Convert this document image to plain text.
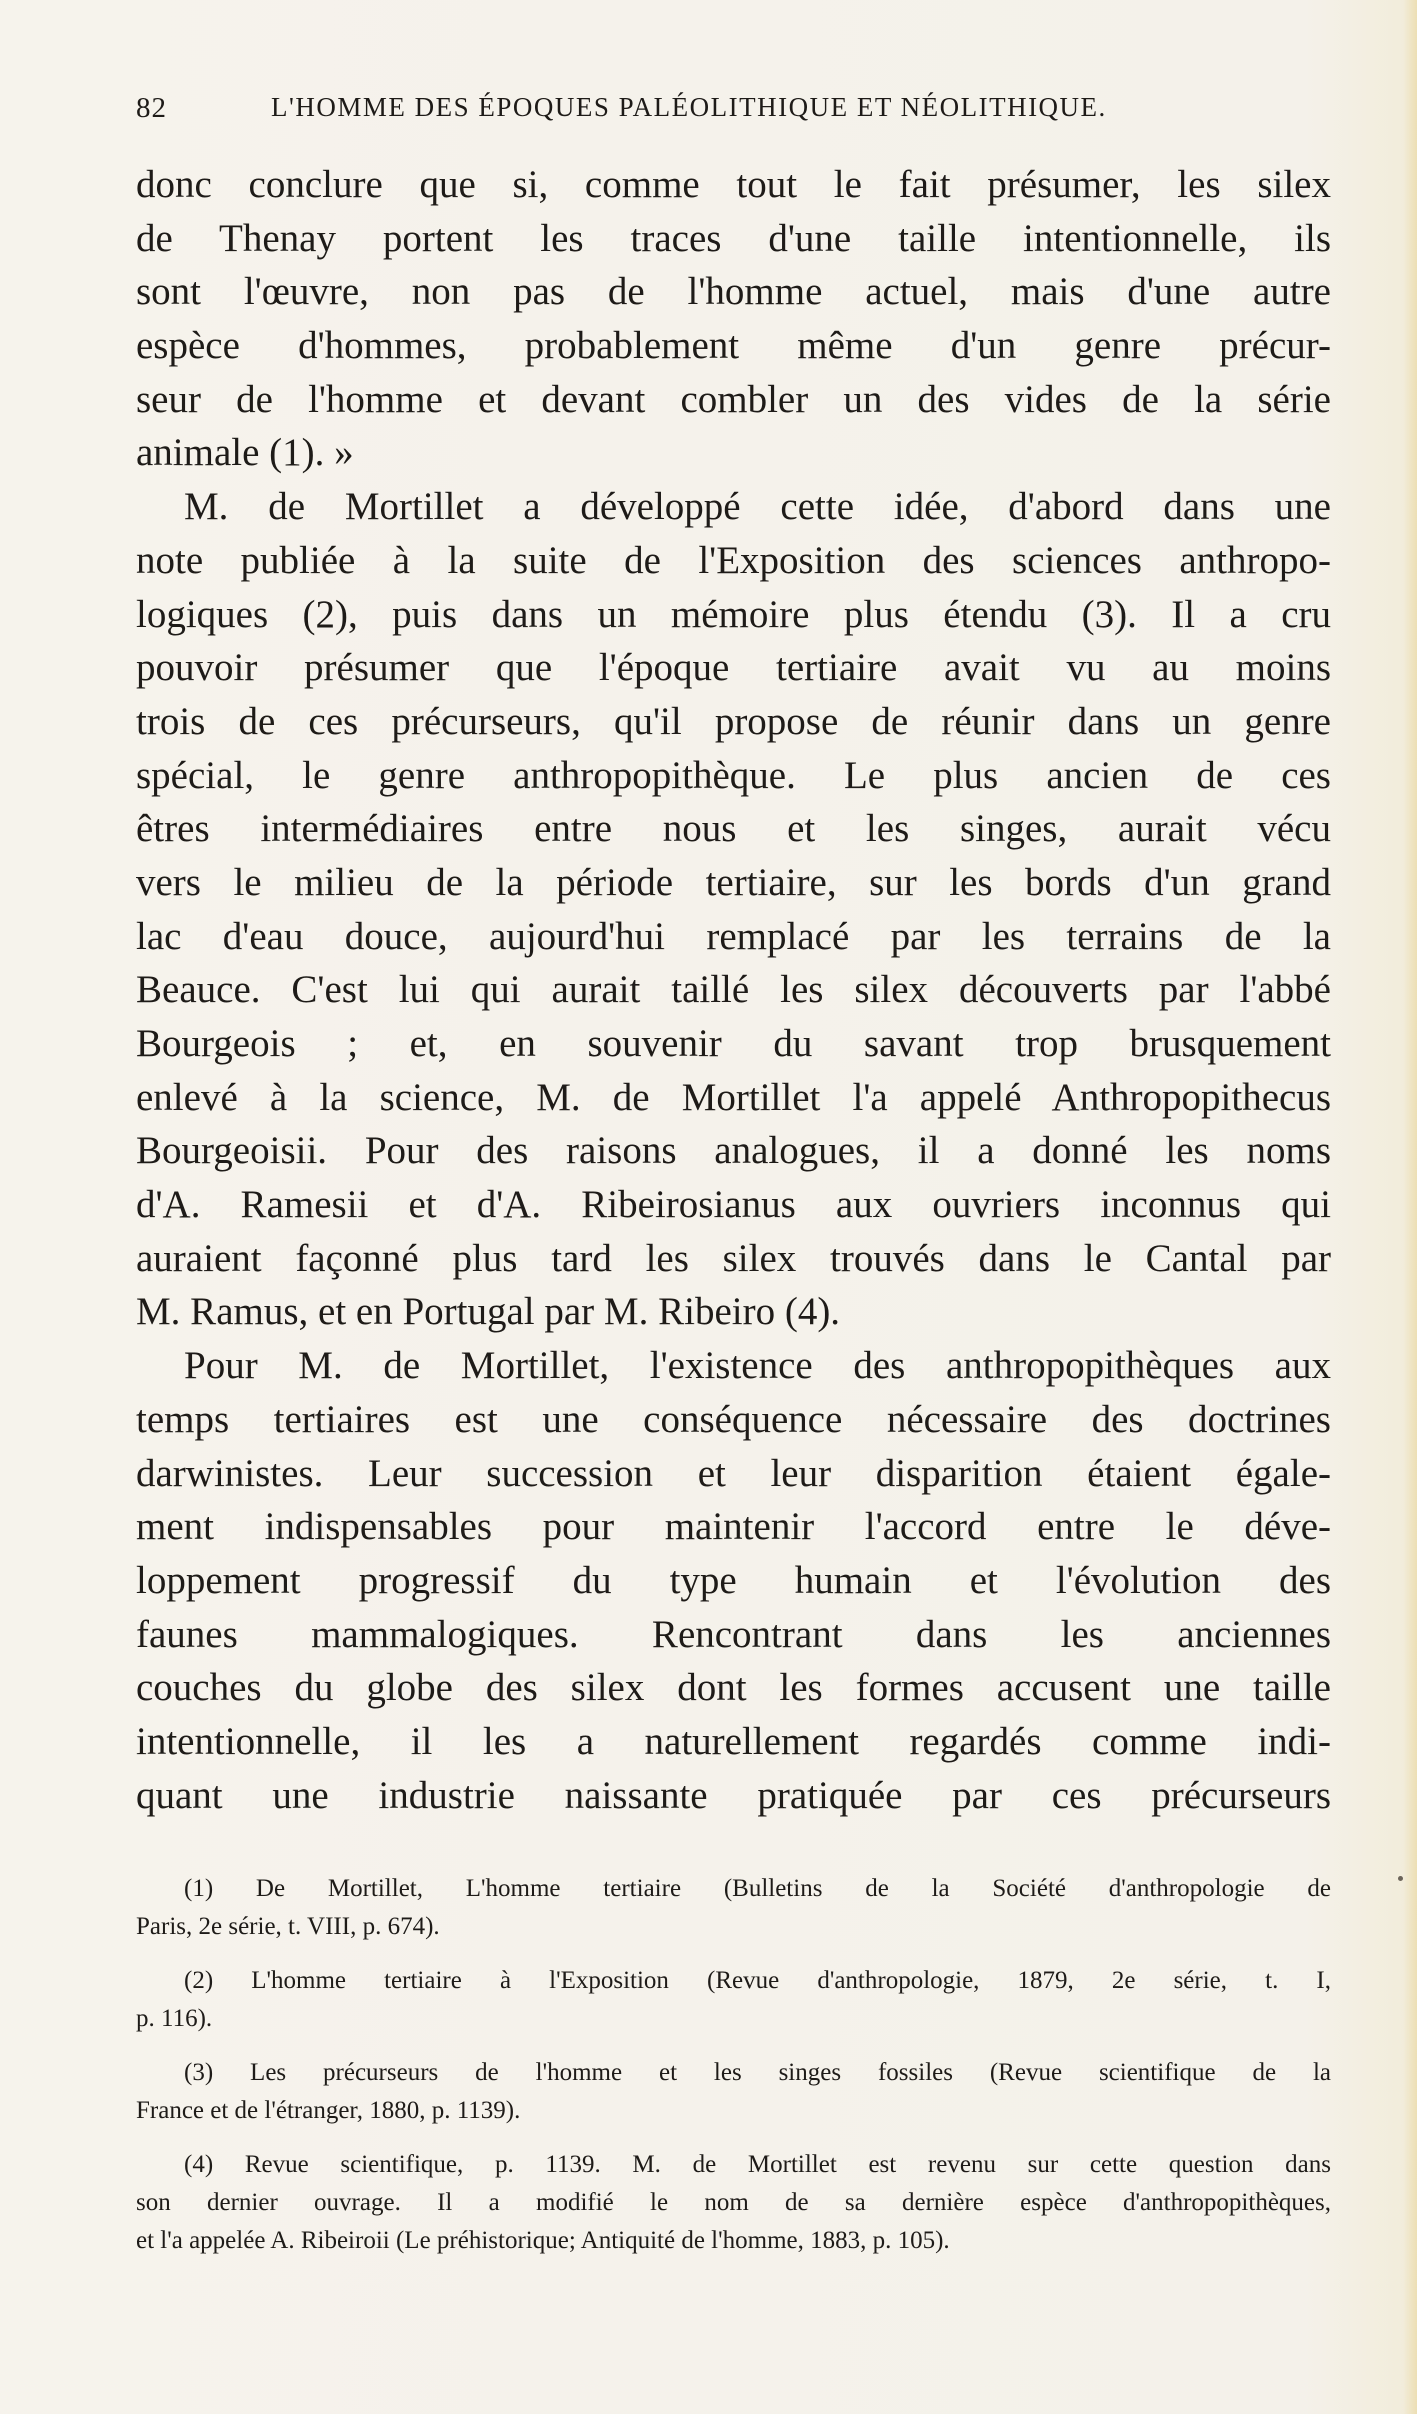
82	L'HOMME DES ÉPOQUES PALÉOLITHIQUE ET NÉOLITHIQUE.
donc conclure que si, comme tout le fait présumer, les silex
de Thenay portent les traces d'une taille intentionnelle, ils
sont l'œuvre, non pas de l'homme actuel, mais d'une autre
espèce d'hommes, probablement même d'un genre précur-
seur de l'homme et devant combler un des vides de la série
animale (1). »
M. de Mortillet a développé cette idée, d'abord dans une
note publiée à la suite de l'Exposition des sciences anthropo-
logiques (2), puis dans un mémoire plus étendu (3). Il a cru
pouvoir présumer que l'époque tertiaire avait vu au moins
trois de ces précurseurs, qu'il propose de réunir dans un genre
spécial, le genre anthropopithèque. Le plus ancien de ces
êtres intermédiaires entre nous et les singes, aurait vécu
vers le milieu de la période tertiaire, sur les bords d'un grand
lac d'eau douce, aujourd'hui remplacé par les terrains de la
Beauce. C'est lui qui aurait taillé les silex découverts par l'abbé
Bourgeois ; et, en souvenir du savant trop brusquement
enlevé à la science, M. de Mortillet l'a appelé Anthropopithecus
Bourgeoisii. Pour des raisons analogues, il a donné les noms
d'A. Ramesii et d'A. Ribeirosianus aux ouvriers inconnus qui
auraient façonné plus tard les silex trouvés dans le Cantal par
M. Ramus, et en Portugal par M. Ribeiro (4).
Pour M. de Mortillet, l'existence des anthropopithèques aux
temps tertiaires est une conséquence nécessaire des doctrines
darwinistes. Leur succession et leur disparition étaient égale-
ment indispensables pour maintenir l'accord entre le déve-
loppement progressif du type humain et l'évolution des
faunes mammalogiques. Rencontrant dans les anciennes
couches du globe des silex dont les formes accusent une taille
intentionnelle, il les a naturellement regardés comme indi-
quant une industrie naissante pratiquée par ces précurseurs
(1) De Mortillet, L'homme tertiaire (Bulletins de la Société d'anthropologie de
Paris, 2e série, t. VIII, p. 674).
(2) L'homme tertiaire à l'Exposition (Revue d'anthropologie, 1879, 2e série, t. I,
p. 116).
(3) Les précurseurs de l'homme et les singes fossiles (Revue scientifique de la
France et de l'étranger, 1880, p. 1139).
(4) Revue scientifique, p. 1139. M. de Mortillet est revenu sur cette question dans
son dernier ouvrage. Il a modifié le nom de sa dernière espèce d'anthropopithèques,
et l'a appelée A. Ribeiroii (Le préhistorique; Antiquité de l'homme, 1883, p. 105).
